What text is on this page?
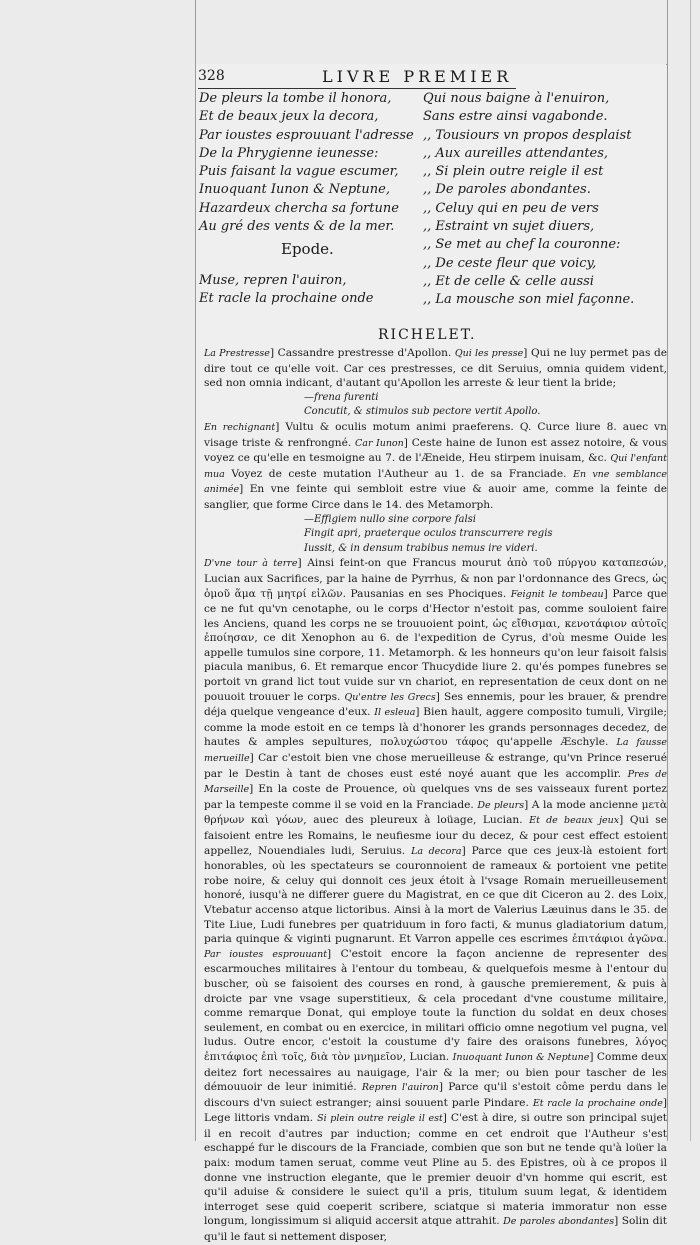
328	LIVRE PREMIER
De pleurs la tombe il honora,
Et de beaux jeux la decora,
Par ioustes esprouuant l'adresse
De la Phrygienne ieunesse:
Puis faisant la vague escumer,
Inuoquant Iunon & Neptune,
Hazardeux chercha sa fortune
Au gré des vents & de la mer.
Qui nous baigne à l'enuiron,
Sans estre ainsi vagabonde.
,, Tousiours vn propos desplaist
,, Aux aureilles attendantes,
,, Si plein outre reigle il est
,, De paroles abondantes.
,, Celuy qui en peu de vers
,, Estraint vn sujet diuers,
,, Se met au chef la couronne:
,, De ceste fleur que voicy,
,, Et de celle & celle aussi
,, La mousche son miel façonne.
Epode.
Muse, repren l'auiron,
Et racle la prochaine onde
RICHELET.

La Prestresse] Cassandre prestresse d'Apollon. Qui les presse] Qui ne luy permet pas de dire tout ce qu'elle voit. Car ces prestresses, ce dit Seruius, omnia quidem vident, sed non omnia indicant, d'autant qu'Apollon les arreste & leur tient la bride;

—frena furenti
Concutit, & stimulos sub pectore vertit Apollo.

En rechignant] Vultu & oculis motum animi praeferens. Q. Curce liure 8. auec vn visage triste & renfrongné. Car Iunon] Ceste haine de Iunon est assez notoire, & vous voyez ce qu'elle en tesmoigne au 7. de l'Æneide, Heu stirpem inuisam, &c. Qui l'enfant mua Voyez de ceste mutation l'Autheur au 1. de sa Franciade. En vne semblance animée] En vne feinte qui sembloit estre viue & auoir ame, comme la feinte de sanglier, que forme Circe dans le 14. des Metamorph.

—Effigiem nullo sine corpore falsi
Fingit apri, praeterque oculos transcurrere regis
Iussit, & in densum trabibus nemus ire videri.

D'vne tour à terre] Ainsi feint-on que Francus mourut ἀπὸ τοῦ πύργου καταπεσών, Lucian aux Sacrifices, par la haine de Pyrrhus, & non par l'ordonnance des Grecs, ὡς ὁμοῦ ἅμα τῇ μητρί εἰλῶν. Pausanias en ses Phociques. Feignit le tombeau] Parce que ce ne fut qu'vn cenotaphe, ou le corps d'Hector n'estoit pas, comme souloient faire les Anciens, quand les corps ne se trouuoient point, ὡς εἴθισμαι, κενοτάφιον αὐτοῖς ἐποίησαν, ce dit Xenophon au 6. de l'expedition de Cyrus, d'où mesme Ouide les appelle tumulos sine corpore, 11. Metamorph. & les honneurs qu'on leur faisoit falsis piacula manibus, 6. Et remarque encor Thucydide liure 2. qu'és pompes funebres se portoit vn grand lict tout vuide sur vn chariot, en representation de ceux dont on ne pouuoit trouuer le corps. Qu'entre les Grecs] Ses ennemis, pour les brauer, & prendre déja quelque vengeance d'eux. Il esleua] Bien hault, aggere composito tumuli, Virgile; comme la mode estoit en ce temps là d'honorer les grands personnages decedez, de hautes & amples sepultures, πολυχώστου τάφος qu'appelle Æschyle. La fausse merueille] Car c'estoit bien vne chose merueilleuse & estrange, qu'vn Prince reserué par le Destin à tant de choses eust esté noyé auant que les accomplir. Pres de Marseille] En la coste de Prouence, où quelques vns de ses vaisseaux furent portez par la tempeste comme il se void en la Franciade. De pleurs] A la mode ancienne μετὰ θρήνων καὶ γόων, auec des pleureux à loüage, Lucian. Et de beaux jeux] Qui se faisoient entre les Romains, le neufiesme iour du decez, & pour cest effect estoient appellez, Nouendiales ludi, Seruius. La decora] Parce que ces jeux-là estoient fort honorables, où les spectateurs se couronnoient de rameaux & portoient vne petite robe noire, & celuy qui donnoit ces jeux étoit à l'vsage Romain merueilleusement honoré, iusqu'à ne differer guere du Magistrat, en ce que dit Ciceron au 2. des Loix, Vtebatur accenso atque lictoribus. Ainsi à la mort de Valerius Læuinus dans le 35. de Tite Liue, Ludi funebres per quatriduum in foro facti, & munus gladiatorium datum, paria quinque & viginti pugnarunt. Et Varron appelle ces escrimes ἐπιτάφιοι ἀγῶνα. Par ioustes esprouuant] C'estoit encore la façon ancienne de representer des escarmouches militaires à l'entour du tombeau, & quelquefois mesme à l'entour du buscher, où se faisoient des courses en rond, à gausche premierement, & puis à droicte par vne vsage superstitieux, & cela procedant d'vne coustume militaire, comme remarque Donat, qui employe toute la function du soldat en deux choses seulement, en combat ou en exercice, in militari officio omne negotium vel pugna, vel ludus. Outre encor, c'estoit la coustume d'y faire des oraisons funebres, λόγος ἐπιτάφιος ἐπὶ τοῖς, διὰ τὸν μνημεῖον, Lucian. Inuoquant Iunon & Neptune] Comme deux deitez fort necessaires au nauigage, l'air & la mer; ou bien pour tascher de les démouuoir de leur inimitié. Repren l'auiron] Parce qu'il s'estoit côme perdu dans le discours d'vn suiect estranger; ainsi souuent parle Pindare. Et racle la prochaine onde] Lege littoris vndam. Si plein outre reigle il est] C'est à dire, si outre son principal sujet il en recoit d'autres par induction; comme en cet endroit que l'Autheur s'est eschappé fur le discours de la Franciade, combien que son but ne tende qu'à loüer la paix: modum tamen seruat, comme veut Pline au 5. des Epistres, où à ce propos il donne vne instruction elegante, que le premier deuoir d'vn homme qui escrit, est qu'il aduise & considere le suiect qu'il a pris, titulum suum legat, & identidem interroget sese quid coeperit scribere, sciatque si materia immoratur non esse longum, longissimum si aliquid accersit atque attrahit. De paroles abondantes] Solin dit qu'il le faut si nettement disposer,
